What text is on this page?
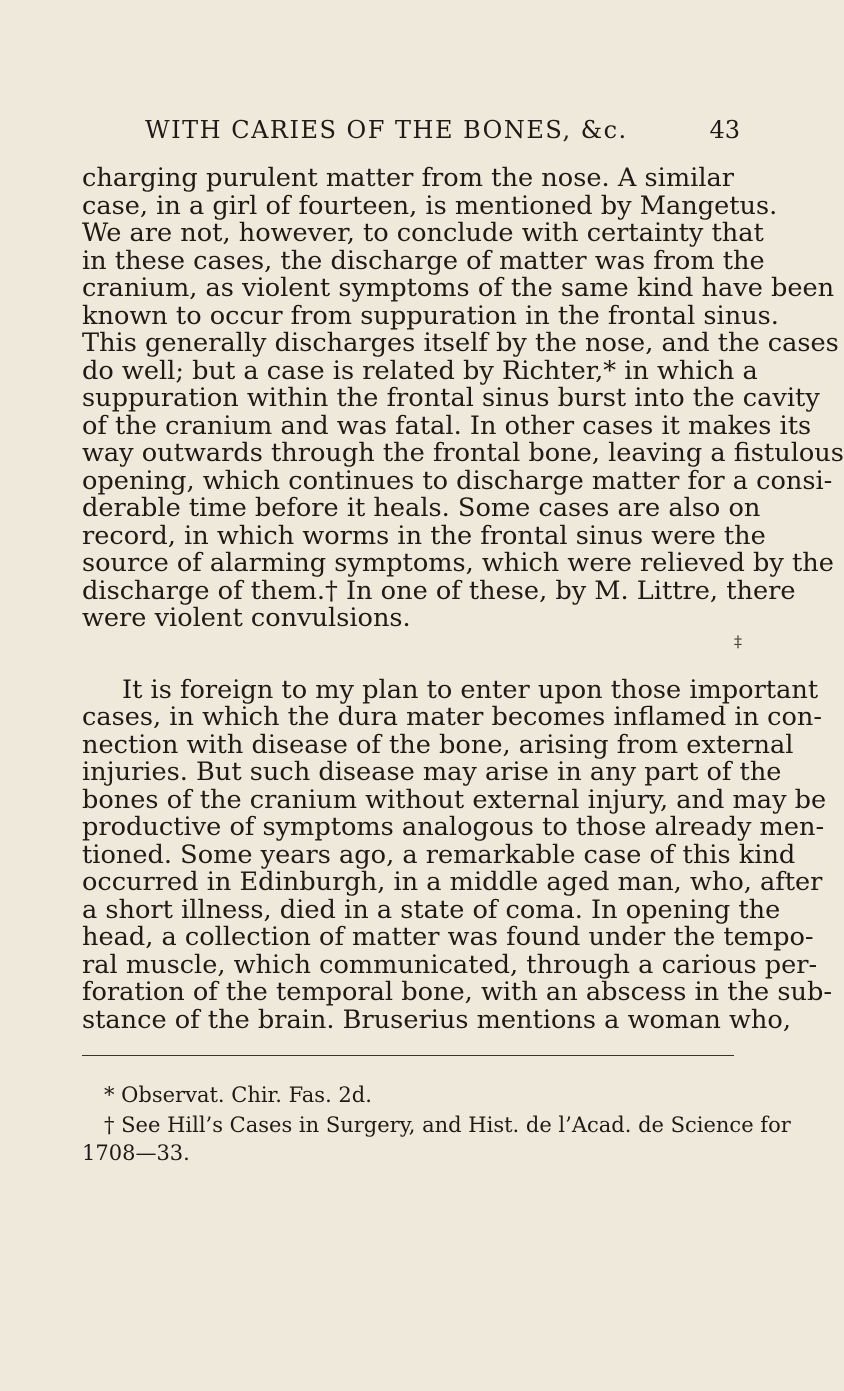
WITH CARIES OF THE BONES, &c.	43
charging purulent matter from the nose. A similar
case, in a girl of fourteen, is mentioned by Mangetus.
We are not, however, to conclude with certainty that
in these cases, the discharge of matter was from the
cranium, as violent symptoms of the same kind have been
known to occur from suppuration in the frontal sinus.
This generally discharges itself by the nose, and the cases
do well; but a case is related by Richter,* in which a
suppuration within the frontal sinus burst into the cavity
of the cranium and was fatal. In other cases it makes its
way outwards through the frontal bone, leaving a fistulous
opening, which continues to discharge matter for a consi-
derable time before it heals. Some cases are also on
record, in which worms in the frontal sinus were the
source of alarming symptoms, which were relieved by the
discharge of them.† In one of these, by M. Littre, there
were violent convulsions.
It is foreign to my plan to enter upon those important
cases, in which the dura mater becomes inflamed in con-
nection with disease of the bone, arising from external
injuries. But such disease may arise in any part of the
bones of the cranium without external injury, and may be
productive of symptoms analogous to those already men-
tioned. Some years ago, a remarkable case of this kind
occurred in Edinburgh, in a middle aged man, who, after
a short illness, died in a state of coma. In opening the
head, a collection of matter was found under the tempo-
ral muscle, which communicated, through a carious per-
foration of the temporal bone, with an abscess in the sub-
stance of the brain. Bruserius mentions a woman who,
‡
* Observat. Chir. Fas. 2d.
† See Hill’s Cases in Surgery, and Hist. de l’Acad. de Science for
1708—33.
